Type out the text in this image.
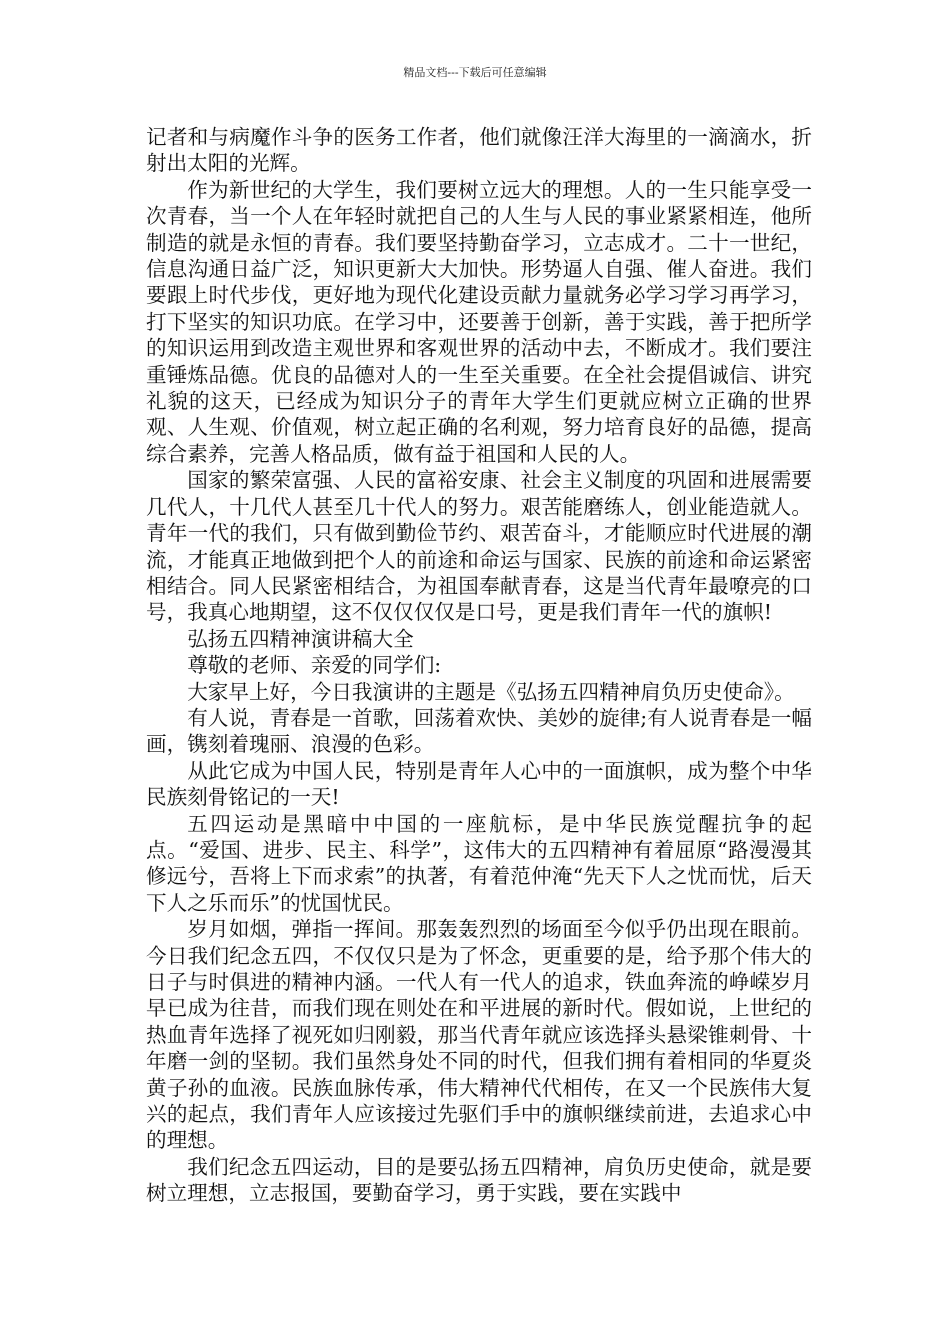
精品文档---下载后可任意编辑

记者和与病魔作斗争的医务工作者，他们就像汪洋大海里的一滴滴水，折射出太阳的光辉。

作为新世纪的大学生，我们要树立远大的理想。人的一生只能享受一次青春，当一个人在年轻时就把自己的人生与人民的事业紧紧相连，他所制造的就是永恒的青春。我们要坚持勤奋学习，立志成才。二十一世纪，信息沟通日益广泛，知识更新大大加快。形势逼人自强、催人奋进。我们要跟上时代步伐，更好地为现代化建设贡献力量就务必学习学习再学习，打下坚实的知识功底。在学习中，还要善于创新，善于实践，善于把所学的知识运用到改造主观世界和客观世界的活动中去，不断成才。我们要注重锤炼品德。优良的品德对人的一生至关重要。在全社会提倡诚信、讲究礼貌的这天，已经成为知识分子的青年大学生们更就应树立正确的世界观、人生观、价值观，树立起正确的名利观，努力培育良好的品德，提高综合素养，完善人格品质，做有益于祖国和人民的人。

国家的繁荣富强、人民的富裕安康、社会主义制度的巩固和进展需要几代人，十几代人甚至几十代人的努力。艰苦能磨练人，创业能造就人。青年一代的我们，只有做到勤俭节约、艰苦奋斗，才能顺应时代进展的潮流，才能真正地做到把个人的前途和命运与国家、民族的前途和命运紧密相结合。同人民紧密相结合，为祖国奉献青春，这是当代青年最嘹亮的口号，我真心地期望，这不仅仅仅仅是口号，更是我们青年一代的旗帜!

弘扬五四精神演讲稿大全

尊敬的老师、亲爱的同学们:

大家早上好，今日我演讲的主题是《弘扬五四精神肩负历史使命》。

有人说，青春是一首歌，回荡着欢快、美妙的旋律;有人说青春是一幅画，镌刻着瑰丽、浪漫的色彩。

从此它成为中国人民，特别是青年人心中的一面旗帜，成为整个中华民族刻骨铭记的一天!

五四运动是黑暗中中国的一座航标，是中华民族觉醒抗争的起点。“爱国、进步、民主、科学”，这伟大的五四精神有着屈原“路漫漫其修远兮，吾将上下而求索”的执著，有着范仲淹“先天下人之忧而忧，后天下人之乐而乐”的忧国忧民。

岁月如烟，弹指一挥间。那轰轰烈烈的场面至今似乎仍出现在眼前。今日我们纪念五四，不仅仅只是为了怀念，更重要的是，给予那个伟大的日子与时俱进的精神内涵。一代人有一代人的追求，铁血奔流的峥嵘岁月早已成为往昔，而我们现在则处在和平进展的新时代。假如说，上世纪的热血青年选择了视死如归刚毅，那当代青年就应该选择头悬梁锥刺骨、十年磨一剑的坚韧。我们虽然身处不同的时代，但我们拥有着相同的华夏炎黄子孙的血液。民族血脉传承，伟大精神代代相传，在又一个民族伟大复兴的起点，我们青年人应该接过先驱们手中的旗帜继续前进，去追求心中的理想。

我们纪念五四运动，目的是要弘扬五四精神，肩负历史使命，就是要树立理想，立志报国，要勤奋学习，勇于实践，要在实践中
